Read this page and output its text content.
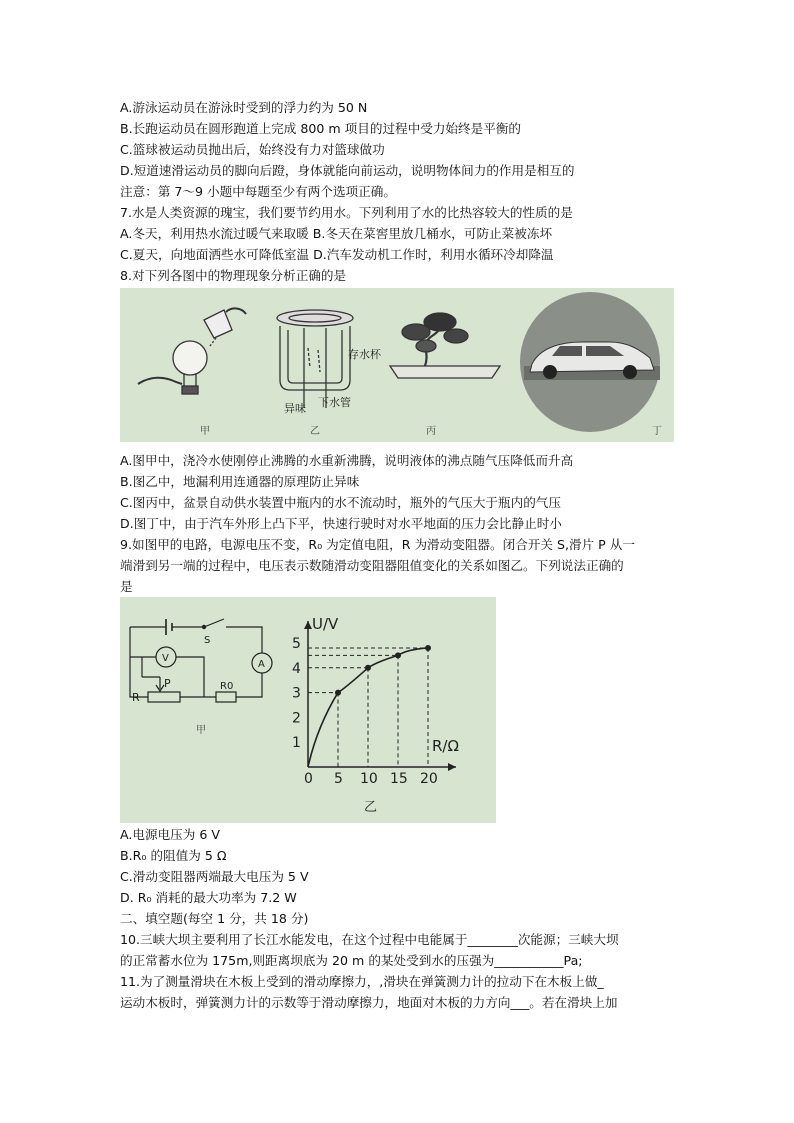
A.游泳运动员在游泳时受到的浮力约为 50 N
B.长跑运动员在圆形跑道上完成 800 m 项目的过程中受力始终是平衡的
C.篮球被运动员抛出后，始终没有力对篮球做功
D.短道速滑运动员的脚向后蹬，身体就能向前运动，说明物体间力的作用是相互的
注意：第 7～9 小题中每题至少有两个选项正确。
7.水是人类资源的瑰宝，我们要节约用水。下列利用了水的比热容较大的性质的是
A.冬天，利用热水流过暖气来取暖 B.冬天在菜窖里放几桶水，可防止菜被冻坏
C.夏天，向地面洒些水可降低室温 D.汽车发动机工作时，利用水循环冷却降温
8.对下列各图中的物理现象分析正确的是
存水杯
异味 下水管
甲	乙	丙	丁
A.图甲中，浇冷水使刚停止沸腾的水重新沸腾，说明液体的沸点随气压降低而升高
B.图乙中，地漏利用连通器的原理防止异味
C.图丙中，盆景自动供水装置中瓶内的水不流动时，瓶外的气压大于瓶内的气压
D.图丁中，由于汽车外形上凸下平，快速行驶时对水平地面的压力会比静止时小
9.如图甲的电路，电源电压不变，R₀ 为定值电阻，R 为滑动变阻器。闭合开关 S,滑片 P 从一
端滑到另一端的过程中，电压表示数随滑动变阻器阻值变化的关系如图乙。下列说法正确的
是
S
V
A
R
P	R0
甲
0 5 10 15 20
1
2
3
4
5
R/Ω
U/V
乙
A.电源电压为 6 V
B.R₀ 的阻值为 5 Ω
C.滑动变阻器两端最大电压为 5 V
D. R₀ 消耗的最大功率为 7.2 W
二、填空题(每空 1 分，共 18 分)
10.三峡大坝主要利用了长江水能发电，在这个过程中电能属于________次能源；三峡大坝
的正常蓄水位为 175m,则距离坝底为 20 m 的某处受到水的压强为___________Pa;
11.为了测量滑块在木板上受到的滑动摩擦力，,滑块在弹簧测力计的拉动下在木板上做_
运动木板时，弹簧测力计的示数等于滑动摩擦力，地面对木板的力方向___。若在滑块上加
